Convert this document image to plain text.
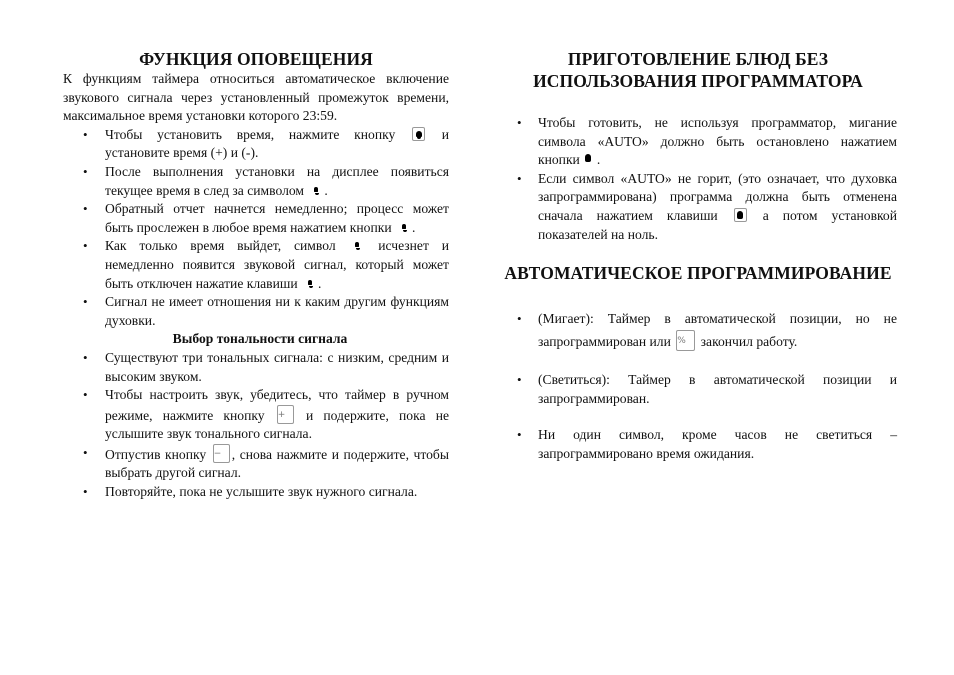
ФУНКЦИЯ ОПОВЕЩЕНИЯ

К функциям таймера относиться автоматическое включение звукового сигнала через установленный промежуток времени, максимальное время установки которого 23:59.

• Чтобы установить время, нажмите кнопку	и установите время (+) и (-).
• После выполнения установки на дисплее появиться текущее время в след за символом .
• Обратный отчет начнется немедленно; процесс может быть прослежен в любое время нажатием кнопки .
• Как только время выйдет, символ	исчезнет и немедленно появится звуковой сигнал, который может быть отключен нажатие клавиши .
• Сигнал не имеет отношения ни к каким другим функциям духовки.
Выбор тональности сигнала
• Существуют три тональных сигнала: с низким, средним и высоким звуком.
• Чтобы настроить звук, убедитесь, что таймер в ручном режиме, нажмите кнопку +	и подержите, пока не услышите звук тонального сигнала.
• Отпустив кнопку − , снова нажмите и подержите, чтобы выбрать другой сигнал.
• Повторяйте, пока не услышите звук нужного сигнала.
ПРИГОТОВЛЕНИЕ БЛЮД БЕЗ ИСПОЛЬЗОВАНИЯ ПРОГРАММАТОРА
• Чтобы готовить, не используя программатор, мигание символа «AUTO» должно быть остановлено нажатием кнопки .
• Если символ «AUTO» не горит, (это означает, что духовка запрограммирована) программа должна быть отменена сначала нажатием клавиши	а потом установкой показателей на ноль.
АВТОМАТИЧЕСКОЕ ПРОГРАММИРОВАНИЕ
• (Мигает): Таймер в автоматической позиции, но не запрограммирован или %	закончил работу.
• (Светиться): Таймер в автоматической позиции и запрограммирован.
• Ни один символ, кроме часов не светиться – запрограммировано время ожидания.
